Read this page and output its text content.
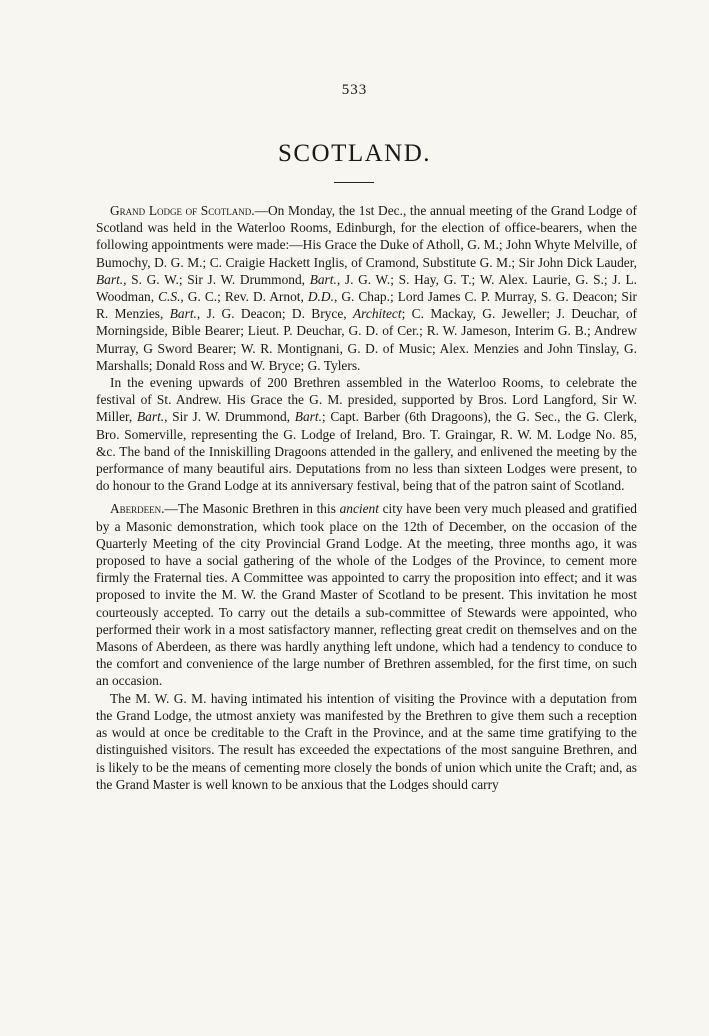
533
SCOTLAND.

Grand Lodge of Scotland.—On Monday, the 1st Dec., the annual meeting of the Grand Lodge of Scotland was held in the Waterloo Rooms, Edinburgh, for the election of office-bearers, when the following appointments were made:—His Grace the Duke of Atholl, G. M.; John Whyte Melville, of Bumochy, D. G. M.; C. Craigie Hackett Inglis, of Cramond, Substitute G. M.; Sir John Dick Lauder, Bart., S. G. W.; Sir J. W. Drummond, Bart., J. G. W.; S. Hay, G. T.; W. Alex. Laurie, G. S.; J. L. Woodman, C.S., G. C.; Rev. D. Arnot, D.D., G. Chap.; Lord James C. P. Murray, S. G. Deacon; Sir R. Menzies, Bart., J. G. Deacon; D. Bryce, Architect; C. Mackay, G. Jeweller; J. Deuchar, of Morningside, Bible Bearer; Lieut. P. Deuchar, G. D. of Cer.; R. W. Jameson, Interim G. B.; Andrew Murray, G Sword Bearer; W. R. Montignani, G. D. of Music; Alex. Menzies and John Tinslay, G. Marshalls; Donald Ross and W. Bryce; G. Tylers.

In the evening upwards of 200 Brethren assembled in the Waterloo Rooms, to celebrate the festival of St. Andrew. His Grace the G. M. presided, supported by Bros. Lord Langford, Sir W. Miller, Bart., Sir J. W. Drummond, Bart.; Capt. Barber (6th Dragoons), the G. Sec., the G. Clerk, Bro. Somerville, representing the G. Lodge of Ireland, Bro. T. Graingar, R. W. M. Lodge No. 85, &c. The band of the Inniskilling Dragoons attended in the gallery, and enlivened the meeting by the performance of many beautiful airs. Deputations from no less than sixteen Lodges were present, to do honour to the Grand Lodge at its anniversary festival, being that of the patron saint of Scotland.

Aberdeen.—The Masonic Brethren in this ancient city have been very much pleased and gratified by a Masonic demonstration, which took place on the 12th of December, on the occasion of the Quarterly Meeting of the city Provincial Grand Lodge. At the meeting, three months ago, it was proposed to have a social gathering of the whole of the Lodges of the Province, to cement more firmly the Fraternal ties. A Committee was appointed to carry the proposition into effect; and it was proposed to invite the M. W. the Grand Master of Scotland to be present. This invitation he most courteously accepted. To carry out the details a sub-committee of Stewards were appointed, who performed their work in a most satisfactory manner, reflecting great credit on themselves and on the Masons of Aberdeen, as there was hardly anything left undone, which had a tendency to conduce to the comfort and convenience of the large number of Brethren assembled, for the first time, on such an occasion.

The M. W. G. M. having intimated his intention of visiting the Province with a deputation from the Grand Lodge, the utmost anxiety was manifested by the Brethren to give them such a reception as would at once be creditable to the Craft in the Province, and at the same time gratifying to the distinguished visitors. The result has exceeded the expectations of the most sanguine Brethren, and is likely to be the means of cementing more closely the bonds of union which unite the Craft; and, as the Grand Master is well known to be anxious that the Lodges should carry
